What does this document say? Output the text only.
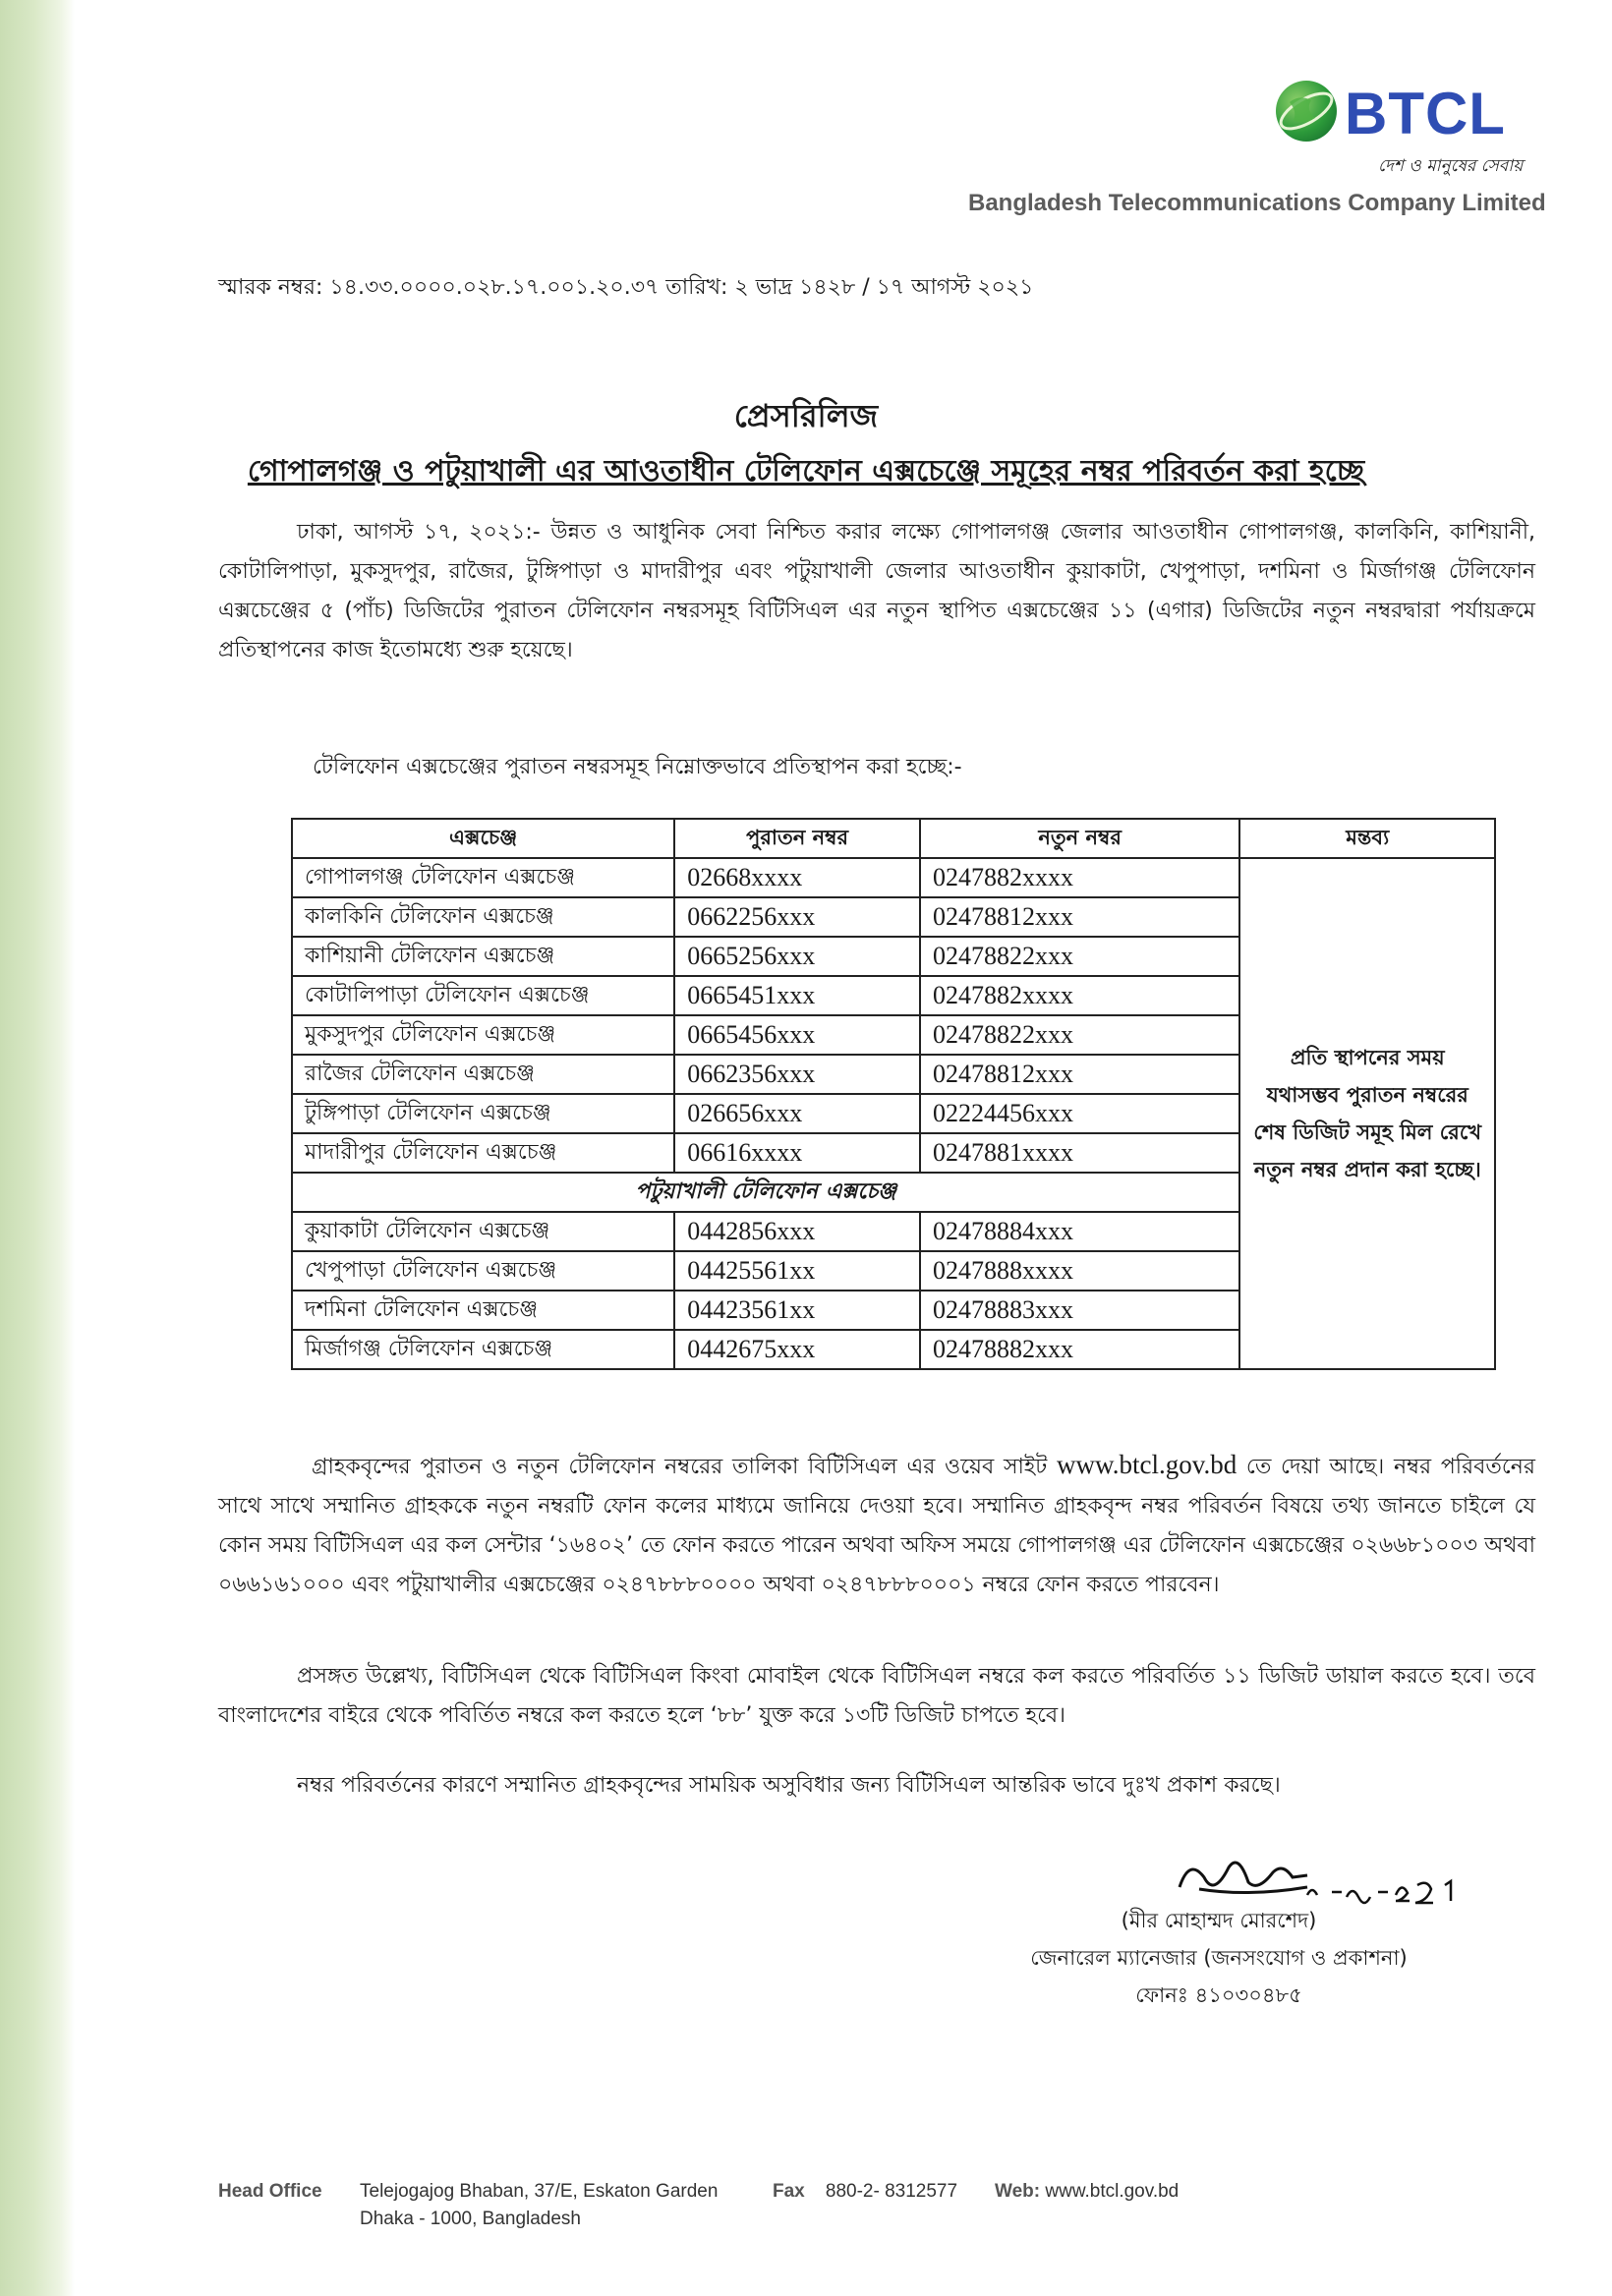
BTCL
দেশ ও মানুষের সেবায়
Bangladesh Telecommunications Company Limited
স্মারক নম্বর: ১৪.৩৩.০০০০.০২৮.১৭.০০১.২০.৩৭ তারিখ: ২ ভাদ্র ১৪২৮ / ১৭ আগস্ট ২০২১
প্রেসরিলিজ
গোপালগঞ্জ ও পটুয়াখালী এর আওতাধীন টেলিফোন এক্সচেঞ্জে সমূহের নম্বর পরিবর্তন করা হচ্ছে
ঢাকা, আগস্ট ১৭, ২০২১:- উন্নত ও আধুনিক সেবা নিশ্চিত করার লক্ষ্যে গোপালগঞ্জ জেলার আওতাধীন গোপালগঞ্জ, কালকিনি, কাশিয়ানী, কোটালিপাড়া, মুকসুদপুর, রাজৈর, টুঙ্গিপাড়া ও মাদারীপুর এবং পটুয়াখালী জেলার আওতাধীন কুয়াকাটা, খেপুপাড়া, দশমিনা ও মির্জাগঞ্জ টেলিফোন এক্সচেঞ্জের ৫ (পাঁচ) ডিজিটের পুরাতন টেলিফোন নম্বরসমূহ বিটিসিএল এর নতুন স্থাপিত এক্সচেঞ্জের ১১ (এগার) ডিজিটের নতুন নম্বরদ্বারা পর্যায়ক্রমে প্রতিস্থাপনের কাজ ইতোমধ্যে শুরু হয়েছে।
টেলিফোন এক্সচেঞ্জের পুরাতন নম্বরসমূহ নিম্নোক্তভাবে প্রতিস্থাপন করা হচ্ছে:-
এক্সচেঞ্জ	পুরাতন নম্বর	নতুন নম্বর	মন্তব্য
গোপালগঞ্জ টেলিফোন এক্সচেঞ্জ	02668xxxx	0247882xxxx	প্রতি স্থাপনের সময় যথাসম্ভব পুরাতন নম্বরের শেষ ডিজিট সমূহ মিল রেখে নতুন নম্বর প্রদান করা হচ্ছে।
কালকিনি টেলিফোন এক্সচেঞ্জ	0662256xxx	02478812xxx	
কাশিয়ানী টেলিফোন এক্সচেঞ্জ	0665256xxx	02478822xxx	
কোটালিপাড়া টেলিফোন এক্সচেঞ্জ	0665451xxx	0247882xxxx	
মুকসুদপুর টেলিফোন এক্সচেঞ্জ	0665456xxx	02478822xxx	
রাজৈর টেলিফোন এক্সচেঞ্জ	0662356xxx	02478812xxx	
টুঙ্গিপাড়া টেলিফোন এক্সচেঞ্জ	026656xxx	02224456xxx	
মাদারীপুর টেলিফোন এক্সচেঞ্জ	06616xxxx	0247881xxxx	
পটুয়াখালী টেলিফোন এক্সচেঞ্জ			
কুয়াকাটা টেলিফোন এক্সচেঞ্জ	0442856xxx	02478884xxx	
খেপুপাড়া টেলিফোন এক্সচেঞ্জ	04425561xx	0247888xxxx	
দশমিনা টেলিফোন এক্সচেঞ্জ	04423561xx	02478883xxx	
মির্জাগঞ্জ টেলিফোন এক্সচেঞ্জ	0442675xxx	02478882xxx	
গ্রাহকবৃন্দের পুরাতন ও নতুন টেলিফোন নম্বরের তালিকা বিটিসিএল এর ওয়েব সাইট www.btcl.gov.bd তে দেয়া আছে। নম্বর পরিবর্তনের সাথে সাথে সম্মানিত গ্রাহককে নতুন নম্বরটি ফোন কলের মাধ্যমে জানিয়ে দেওয়া হবে। সম্মানিত গ্রাহকবৃন্দ নম্বর পরিবর্তন বিষয়ে তথ্য জানতে চাইলে যে কোন সময় বিটিসিএল এর কল সেন্টার ‘১৬৪০২’ তে ফোন করতে পারেন অথবা অফিস সময়ে গোপালগঞ্জ এর টেলিফোন এক্সচেঞ্জের ০২৬৬৮১০০৩ অথবা ০৬৬১৬১০০০ এবং পটুয়াখালীর এক্সচেঞ্জের ০২৪৭৮৮৮০০০০ অথবা ০২৪৭৮৮৮০০০১ নম্বরে ফোন করতে পারবেন।
প্রসঙ্গত উল্লেখ্য, বিটিসিএল থেকে বিটিসিএল কিংবা মোবাইল থেকে বিটিসিএল নম্বরে কল করতে পরিবর্তিত ১১ ডিজিট ডায়াল করতে হবে। তবে বাংলাদেশের বাইরে থেকে পবির্তিত নম্বরে কল করতে হলে ‘৮৮’ যুক্ত করে ১৩টি ডিজিট চাপতে হবে।
নম্বর পরিবর্তনের কারণে সম্মানিত গ্রাহকবৃন্দের সাময়িক অসুবিধার জন্য বিটিসিএল আন্তরিক ভাবে দুঃখ প্রকাশ করছে।
(মীর মোহাম্মদ মোরশেদ)
জেনারেল ম্যানেজার (জনসংযোগ ও প্রকাশনা)
ফোনঃ ৪১০৩০৪৮৫
Head Office Telejogajog Bhaban, 37/E, Eskaton Garden
Dhaka - 1000, Bangladesh
Fax 880-2- 8312577 Web: www.btcl.gov.bd
